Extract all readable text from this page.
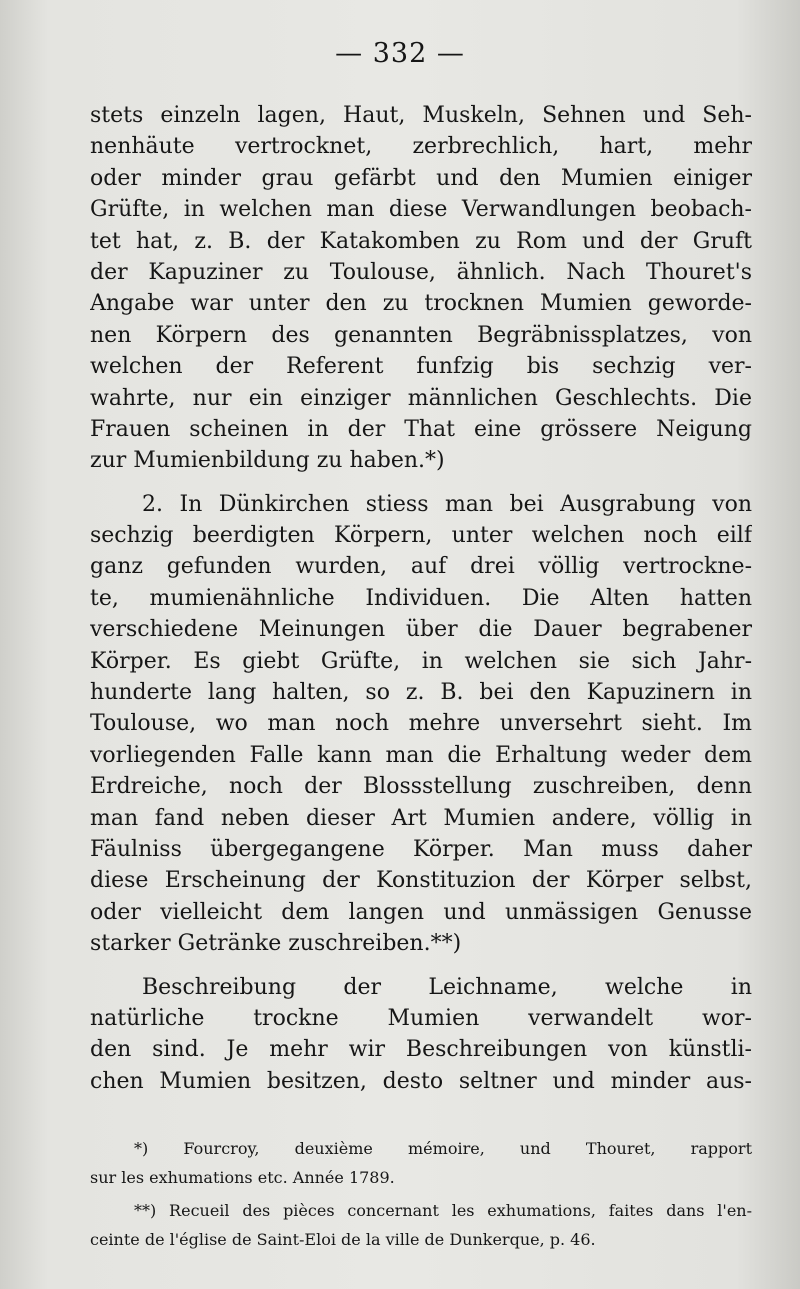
— 332 —
stets einzeln lagen, Haut, Muskeln, Sehnen und Seh-
nenhäute vertrocknet, zerbrechlich, hart, mehr
oder minder grau gefärbt und den Mumien einiger
Grüfte, in welchen man diese Verwandlungen beobach-
tet hat, z. B. der Katakomben zu Rom und der Gruft
der Kapuziner zu Toulouse, ähnlich. Nach Thouret's
Angabe war unter den zu trocknen Mumien geworde-
nen Körpern des genannten Begräbnissplatzes, von
welchen der Referent funfzig bis sechzig ver-
wahrte, nur ein einziger männlichen Geschlechts. Die
Frauen scheinen in der That eine grössere Neigung
zur Mumienbildung zu haben.*)
2. In Dünkirchen stiess man bei Ausgrabung von
sechzig beerdigten Körpern, unter welchen noch eilf
ganz gefunden wurden, auf drei völlig vertrockne-
te, mumienähnliche Individuen. Die Alten hatten
verschiedene Meinungen über die Dauer begrabener
Körper. Es giebt Grüfte, in welchen sie sich Jahr-
hunderte lang halten, so z. B. bei den Kapuzinern in
Toulouse, wo man noch mehre unversehrt sieht. Im
vorliegenden Falle kann man die Erhaltung weder dem
Erdreiche, noch der Blossstellung zuschreiben, denn
man fand neben dieser Art Mumien andere, völlig in
Fäulniss übergegangene Körper. Man muss daher
diese Erscheinung der Konstituzion der Körper selbst,
oder vielleicht dem langen und unmässigen Genusse
starker Getränke zuschreiben.**)
Beschreibung der Leichname, welche in
natürliche trockne Mumien verwandelt wor-
den sind. Je mehr wir Beschreibungen von künstli-
chen Mumien besitzen, desto seltner und minder aus-
*) Fourcroy, deuxième mémoire, und Thouret, rapport
sur les exhumations etc. Année 1789.
**) Recueil des pièces concernant les exhumations, faites dans l'en-
ceinte de l'église de Saint-Eloi de la ville de Dunkerque, p. 46.
